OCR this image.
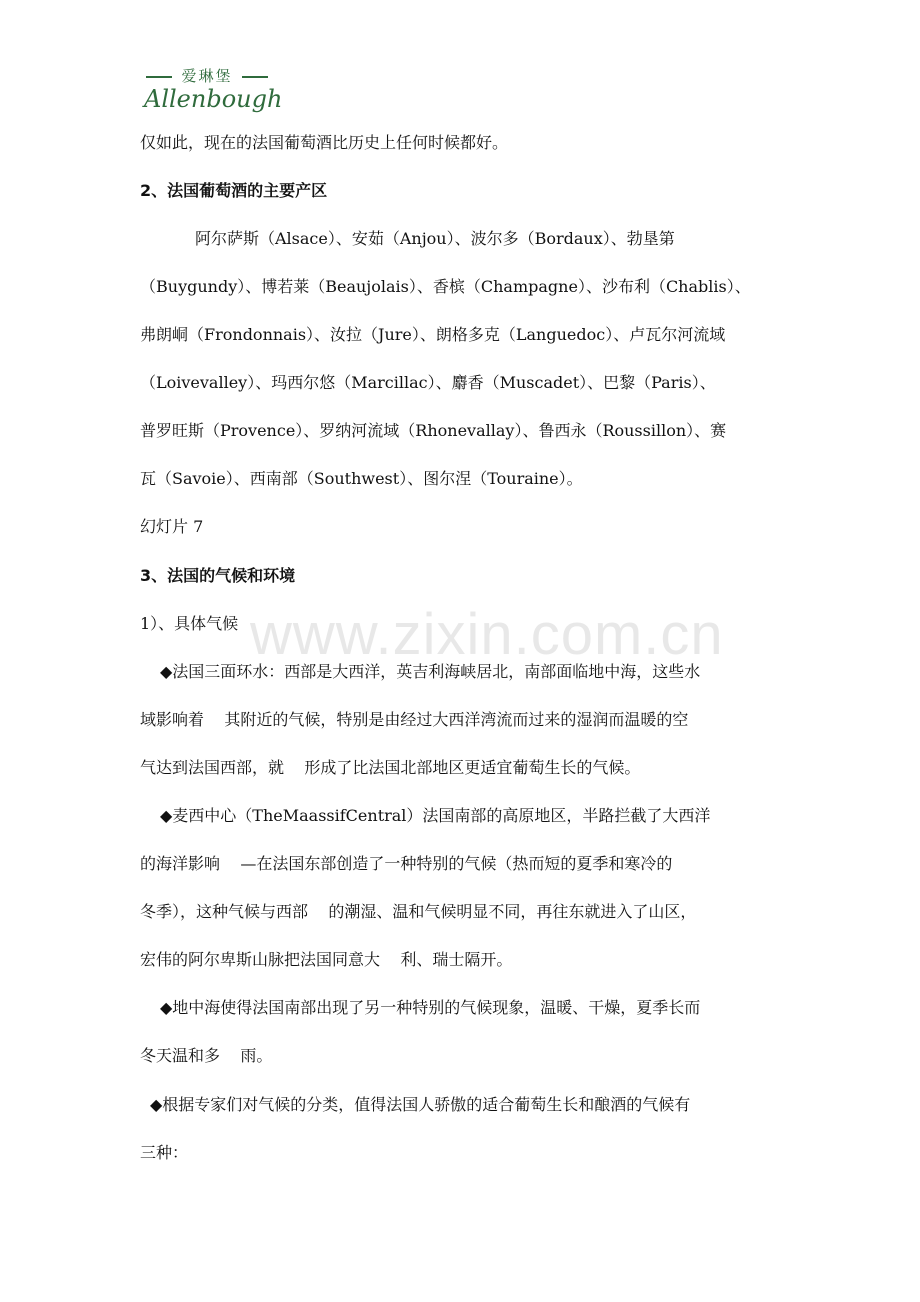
爱琳堡
Allenbough
www.zixin.com.cn
仅如此，现在的法国葡萄酒比历史上任何时候都好。
2、法国葡萄酒的主要产区
阿尔萨斯（Alsace）、安茹（Anjou）、波尔多（Bordaux）、勃垦第
（Buygundy）、博若莱（Beaujolais）、香槟（Champagne）、沙布利（Chablis）、
弗朗峒（Frondonnais）、汝拉（Jure）、朗格多克（Languedoc）、卢瓦尔河流域
（Loivevalley）、玛西尔悠（Marcillac）、麝香（Muscadet）、巴黎（Paris）、
普罗旺斯（Provence）、罗纳河流域（Rhonevallay）、鲁西永（Roussillon）、赛
瓦（Savoie）、西南部（Southwest）、图尔涅（Touraine）。
幻灯片 7
3、法国的气候和环境
1）、具体气候
◆法国三面环水：西部是大西洋，英吉利海峡居北，南部面临地中海，这些水
域影响着    其附近的气候，特别是由经过大西洋湾流而过来的湿润而温暖的空
气达到法国西部，就    形成了比法国北部地区更适宜葡萄生长的气候。
◆麦西中心（TheMaassifCentral）法国南部的高原地区，半路拦截了大西洋
的海洋影响    —在法国东部创造了一种特别的气候（热而短的夏季和寒冷的
冬季），这种气候与西部    的潮湿、温和气候明显不同，再往东就进入了山区，
宏伟的阿尔卑斯山脉把法国同意大    利、瑞士隔开。
◆地中海使得法国南部出现了另一种特别的气候现象，温暖、干燥，夏季长而
冬天温和多    雨。
◆根据专家们对气候的分类，值得法国人骄傲的适合葡萄生长和酿酒的气候有
三种：
